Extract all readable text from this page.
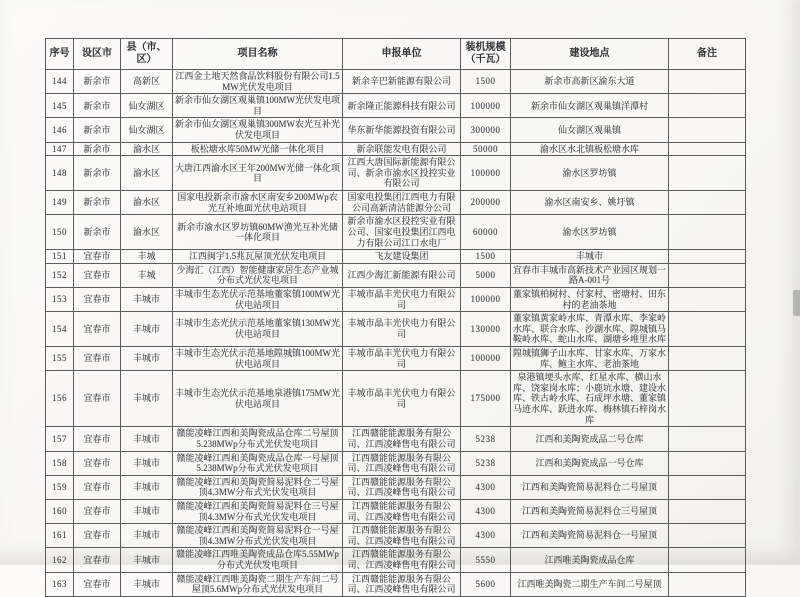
序号	设区市	县（市、区）	项目名称	申报单位	装机规模（千瓦）	建设地点	备注
144	新余市	高新区	江西金土地天然食品饮料股份有限公司1.5MW光伏发电项目	新余辛巴新能源有限公司	1500	新余市高新区渝东大道	
145	新余市	仙女湖区	新余市仙女湖区观巢镇100MW光伏发电项目	新余隆正能源科技有限公司	100000	新余市仙女湖区观巢镇洋潭村	
146	新余市	仙女湖区	新余市仙女湖区观巢镇300MW农光互补光伏发电项目	华东新华能源投资有限公司	300000	仙女湖区观巢镇	
147	新余市	渝水区	板松塘水库50MW光储一体化项目	新余联能发电有限公司	50000	渝水区水北镇板松塘水库	
148	新余市	渝水区	大唐江西渝水区王年200MW光储一体化项目	江西大唐国际新能源有限公司、新余市渝水区投控实业有限公司	100000	渝水区罗坊镇	
149	新余市	渝水区	国家电投新余市渝水区南安乡200MWp农光互补地面光伏电站项目	国家电投集团江西电力有限公司高新清洁能源分公司	200000	渝水区南安乡、姚圩镇	
150	新余市	渝水区	新余市渝水区罗坊镇60MW渔光互补光储一体化项目	新余市渝水区投控实业有限公司、国家电投集团江西电力有限公司江口水电厂	60000	渝水区罗坊镇	
151	宜春市	丰城	江西闽宇1.5兆瓦屋顶光伏发电项目	飞友建设集团	1500	丰城市	
152	宜春市	丰城	少海汇（江西）智能健康家居生态产业城分布式光伏发电项目	江西少海汇新能源有限公司	5000	宜春市丰城市高新技术产业园区规划一路A-001号	
153	宜春市	丰城市	丰城市生态光伏示范基地董家镇100MW光伏电站项目	丰城市晶丰光伏电力有限公司	100000	董家镇柏树村、付家村、密塘村、田东村的老油茶地	
154	宜春市	丰城市	丰城市生态光伏示范基地董家镇130MW光伏电站项目	丰城市晶丰光伏电力有限公司	130000	董家镇黄家岭水库、青潭水库、李家岭水库、联合水库、沙湖水库、隍城镇马鞍岭水库、蛇山水库、湖塘乡堆里水库	
155	宜春市	丰城市	丰城市生态光伏示范基地隍城镇100MW光伏电站项目	丰城市晶丰光伏电力有限公司	100000	隍城镇狮子山水库、甘家水库、万家水库、鲍主水库、老油茶地	
156	宜春市	丰城市	丰城市生态光伏示范基地泉港镇175MW光伏电站项目	丰城市晶丰光伏电力有限公司	175000	泉港镇埂头水库、红星水库、横山水库、饶家岗水库；小鹿坑水塘、建设水库、铁古岭水库、石成坪水塘、董家镇马迹水库、跃进水库、梅林镇石梓岗水库	
157	宜春市	丰城市	赣能凌峰江西和美陶瓷成品仓库二号屋顶5.238MWp分布式光伏发电项目	江西赣能能源服务有限公司、江西凌峰售电有限公司	5238	江西和美陶瓷成品二号仓库	
158	宜春市	丰城市	赣能凌峰江西和美陶瓷成品仓库一号屋顶5.238MWp分布式光伏发电项目	江西赣能能源服务有限公司、江西凌峰售电有限公司	5238	江西和美陶瓷成品一号仓库	
159	宜春市	丰城市	赣能凌峰江西和美陶瓷简易泥料仓二号屋顶4.3MW分布式光伏发电项目	江西赣能能源服务有限公司、江西凌峰售电有限公司	4300	江西和美陶瓷简易泥料仓二号屋顶	
160	宜春市	丰城市	赣能凌峰江西和美陶瓷简易泥料仓三号屋顶4.3MW分布式光伏发电项目	江西赣能能源服务有限公司、江西凌峰售电有限公司	4300	江西和美陶瓷简易泥料仓三号屋顶	
161	宜春市	丰城市	赣能凌峰江西和美陶瓷简易泥料仓一号屋顶4.3MW分布式光伏发电项目	江西赣能能源服务有限公司、江西凌峰售电有限公司	4300	江西和美陶瓷简易泥料仓一号屋顶	
162	宜春市	丰城市	赣能凌峰江西唯美陶瓷成品仓库5.55MWp分布式光伏发电项目	江西赣能能源服务有限公司、江西凌峰售电有限公司	5550	江西唯美陶瓷成品仓库	
163	宜春市	丰城市	赣能凌峰江西唯美陶瓷二期生产车间二号屋顶5.6MWp分布式光伏发电项目	江西赣能能源服务有限公司、江西凌峰售电有限公司	5600	江西唯美陶瓷二期生产车间二号屋顶	
